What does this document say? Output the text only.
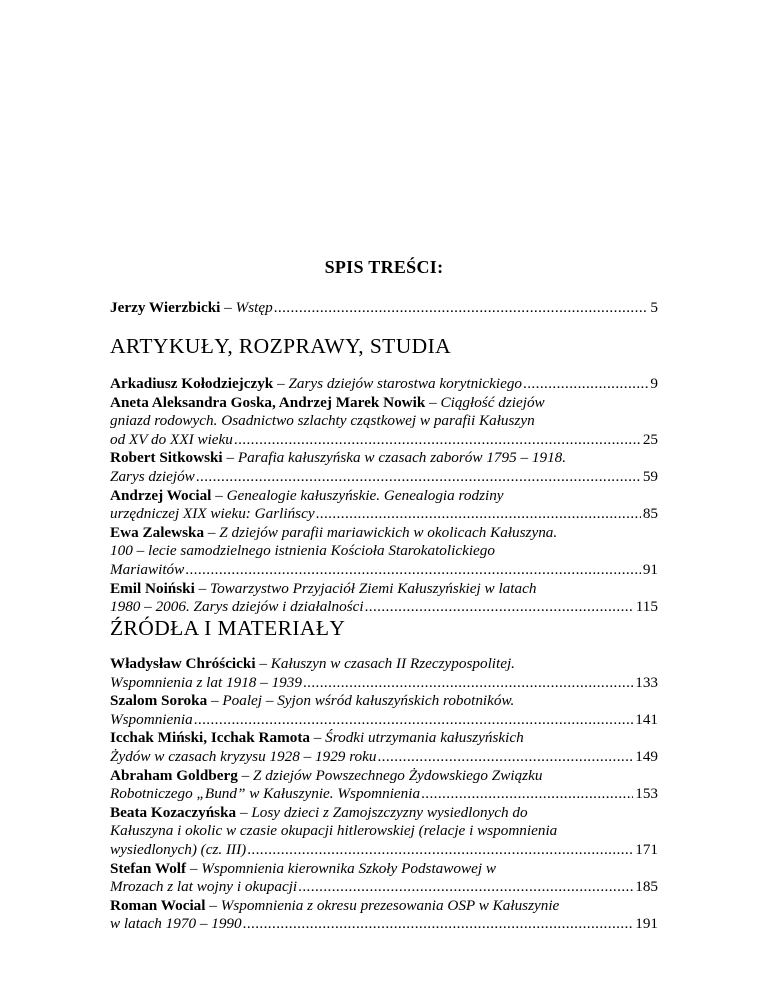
SPIS TREŚCI:
Jerzy Wierzbicki – Wstęp .....	5
ARTYKUŁY, ROZPRAWY, STUDIA
Arkadiusz Kołodziejczyk – Zarys dziejów starostwa korytnickiego .....	9
Aneta Aleksandra Goska, Andrzej Marek Nowik – Ciągłość dziejów
gniazd rodowych. Osadnictwo szlachty cząstkowej w parafii Kałuszyn
od XV do XXI wieku .....	25
Robert Sitkowski – Parafia kałuszyńska w czasach zaborów 1795 – 1918.
Zarys dziejów .....	59
Andrzej Wocial – Genealogie kałuszyńskie. Genealogia rodziny
urzędniczej XIX wieku: Garlińscy .....	85
Ewa Zalewska – Z dziejów parafii mariawickich w okolicach Kałuszyna.
100 – lecie samodzielnego istnienia Kościoła Starokatolickiego
Mariawitów .....	91
Emil Noiński – Towarzystwo Przyjaciół Ziemi Kałuszyńskiej w latach
1980 – 2006. Zarys dziejów i działalności .....	115
ŹRÓDŁA I MATERIAŁY
Władysław Chróścicki – Kałuszyn w czasach II Rzeczypospolitej.
Wspomnienia z lat 1918 – 1939 .....	133
Szalom Soroka – Poalej – Syjon wśród kałuszyńskich robotników.
Wspomnienia .....	141
Icchak Miński, Icchak Ramota – Środki utrzymania kałuszyńskich
Żydów w czasach kryzysu 1928 – 1929 roku .....	149
Abraham Goldberg – Z dziejów Powszechnego Żydowskiego Związku
Robotniczego „Bund” w Kałuszynie. Wspomnienia .....	153
Beata Kozaczyńska – Losy dzieci z Zamojszczyzny wysiedlonych do
Kałuszyna i okolic w czasie okupacji hitlerowskiej (relacje i wspomnienia
wysiedlonych) (cz. III) .....	171
Stefan Wolf – Wspomnienia kierownika Szkoły Podstawowej w
Mrozach z lat wojny i okupacji .....	185
Roman Wocial – Wspomnienia z okresu prezesowania OSP w Kałuszynie
w latach 1970 – 1990 .....	191
